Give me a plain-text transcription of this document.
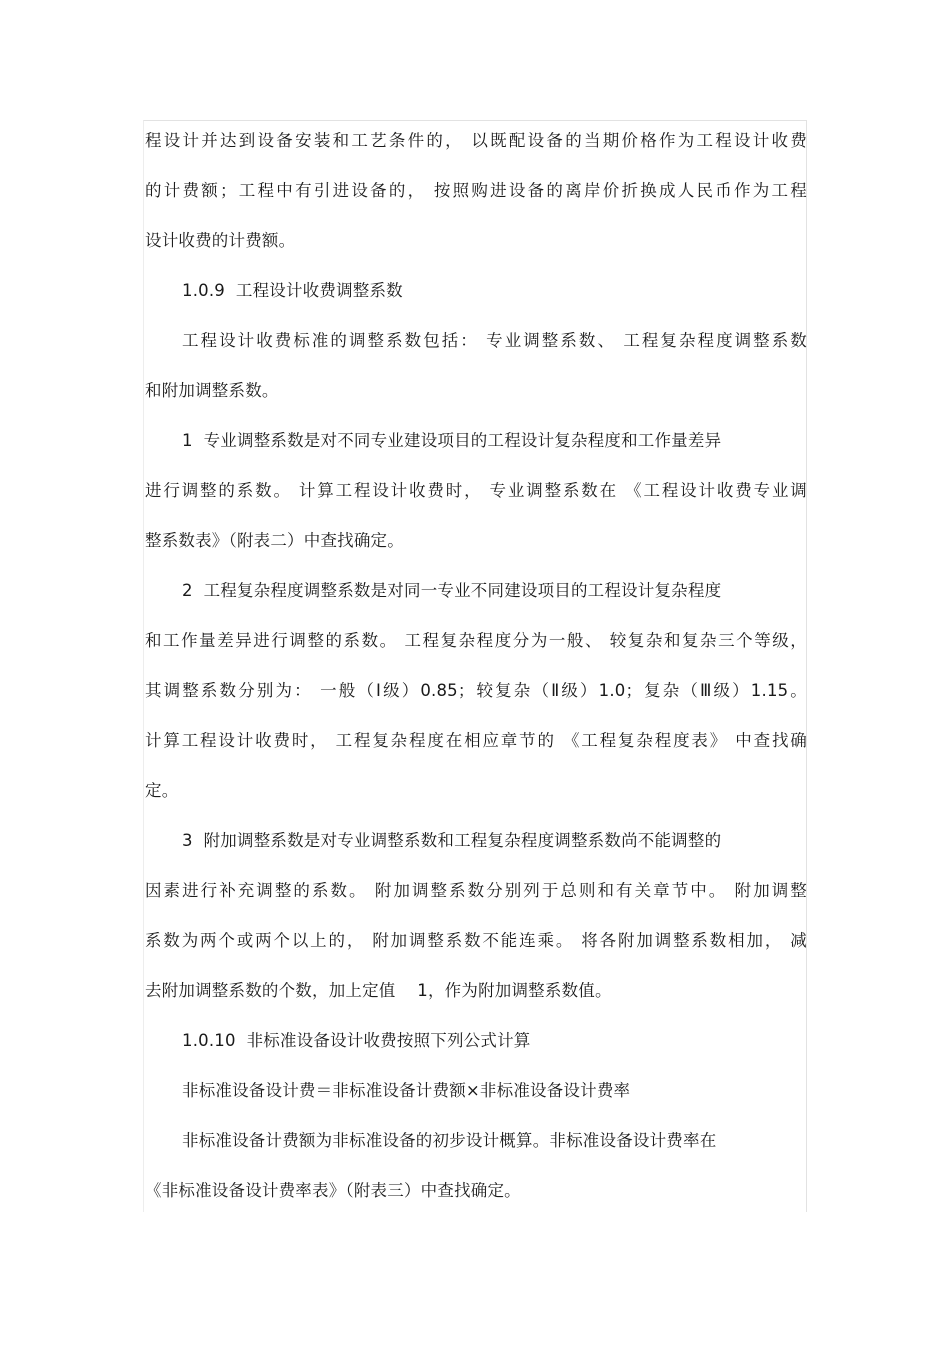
程设计并达到设备安装和工艺条件的， 以既配设备的当期价格作为工程设计收费
的计费额；工程中有引进设备的， 按照购进设备的离岸价折换成人民币作为工程
设计收费的计费额。
1.0.9  工程设计收费调整系数
工程设计收费标准的调整系数包括： 专业调整系数、 工程复杂程度调整系数
和附加调整系数。
1  专业调整系数是对不同专业建设项目的工程设计复杂程度和工作量差异
进行调整的系数。 计算工程设计收费时， 专业调整系数在 《工程设计收费专业调
整系数表》（附表二）中查找确定。
2  工程复杂程度调整系数是对同一专业不同建设项目的工程设计复杂程度
和工作量差异进行调整的系数。 工程复杂程度分为一般、 较复杂和复杂三个等级，
其调整系数分别为： 一般（Ⅰ级）0.85；较复杂（Ⅱ级）1.0；复杂（Ⅲ级）1.15。
计算工程设计收费时， 工程复杂程度在相应章节的 《工程复杂程度表》 中查找确
定。
3  附加调整系数是对专业调整系数和工程复杂程度调整系数尚不能调整的
因素进行补充调整的系数。 附加调整系数分别列于总则和有关章节中。 附加调整
系数为两个或两个以上的， 附加调整系数不能连乘。 将各附加调整系数相加， 减
去附加调整系数的个数，加上定值    1，作为附加调整系数值。
1.0.10  非标准设备设计收费按照下列公式计算
非标准设备设计费＝非标准设备计费额×非标准设备设计费率
非标准设备计费额为非标准设备的初步设计概算。非标准设备设计费率在
《非标准设备设计费率表》（附表三）中查找确定。
